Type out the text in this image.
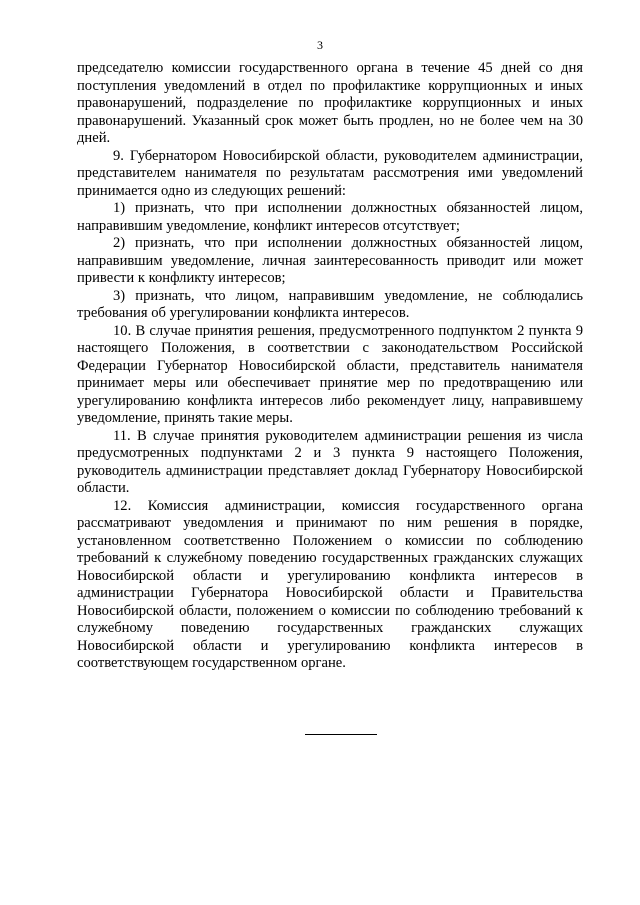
3

председателю комиссии государственного органа в течение 45 дней со дня поступления уведомлений в отдел по профилактике коррупционных и иных правонарушений, подразделение по профилактике коррупционных и иных правонарушений. Указанный срок может быть продлен, но не более чем на 30 дней.

9. Губернатором Новосибирской области, руководителем администрации, представителем нанимателя по результатам рассмотрения ими уведомлений принимается одно из следующих решений:

1) признать, что при исполнении должностных обязанностей лицом, направившим уведомление, конфликт интересов отсутствует;

2) признать, что при исполнении должностных обязанностей лицом, направившим уведомление, личная заинтересованность приводит или может привести к конфликту интересов;

3) признать, что лицом, направившим уведомление, не соблюдались требования об урегулировании конфликта интересов.

10. В случае принятия решения, предусмотренного подпунктом 2 пункта 9 настоящего Положения, в соответствии с законодательством Российской Федерации Губернатор Новосибирской области, представитель нанимателя принимает меры или обеспечивает принятие мер по предотвращению или урегулированию конфликта интересов либо рекомендует лицу, направившему уведомление, принять такие меры.

11. В случае принятия руководителем администрации решения из числа предусмотренных подпунктами 2 и 3 пункта 9 настоящего Положения, руководитель администрации представляет доклад Губернатору Новосибирской области.

12. Комиссия администрации, комиссия государственного органа рассматривают уведомления и принимают по ним решения в порядке, установленном соответственно Положением о комиссии по соблюдению требований к служебному поведению государственных гражданских служащих Новосибирской области и урегулированию конфликта интересов в администрации Губернатора Новосибирской области и Правительства Новосибирской области, положением о комиссии по соблюдению требований к служебному поведению государственных гражданских служащих Новосибирской области и урегулированию конфликта интересов в соответствующем государственном органе.
